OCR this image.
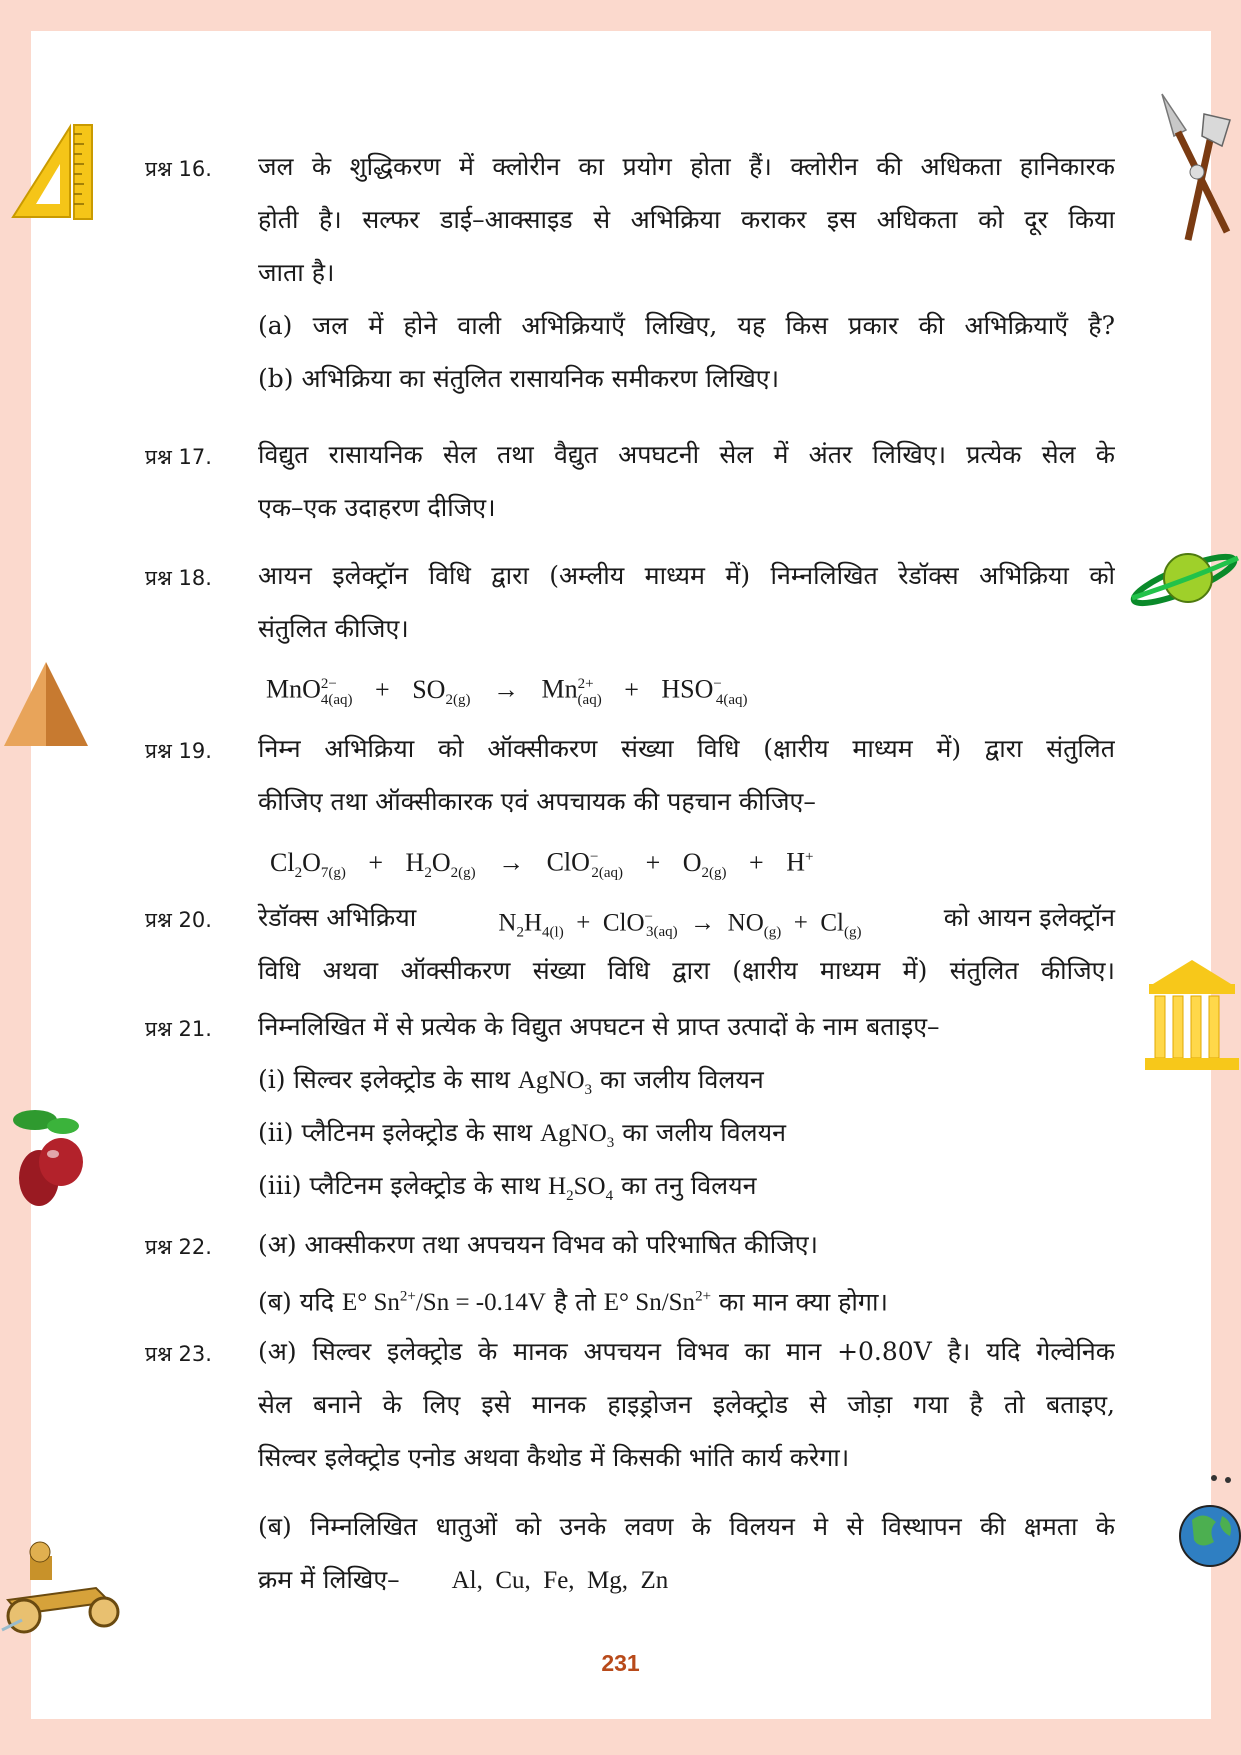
प्रश्न 16.	जल के शुद्धिकरण में क्लोरीन का प्रयोग होता हैं। क्लोरीन की अधिकता हानिकारक
होती है। सल्फर डाई–आक्साइड से अभिक्रिया कराकर इस अधिकता को दूर किया
जाता है।
(a) जल में होने वाली अभिक्रियाएँ लिखिए, यह किस प्रकार की अभिक्रियाएँ है?
(b) अभिक्रिया का संतुलित रासायनिक समीकरण लिखिए।
प्रश्न 17.	विद्युत रासायनिक सेल तथा वैद्युत अपघटनी सेल में अंतर लिखिए। प्रत्येक सेल के
एक–एक उदाहरण दीजिए।
प्रश्न 18.	आयन इलेक्ट्रॉन विधि द्वारा (अम्लीय माध्यम में) निम्नलिखित रेडॉक्स अभिक्रिया को
संतुलित कीजिए।
$MnO^{2-}_{4(aq)} + SO_{2(g)} \to Mn^{2+}_{(aq)} + HSO^-_{4(aq)}$
प्रश्न 19.	निम्न अभिक्रिया को ऑक्सीकरण संख्या विधि (क्षारीय माध्यम में) द्वारा संतुलित
कीजिए तथा ऑक्सीकारक एवं अपचायक की पहचान कीजिए–
$Cl_2O_{7(g)} + H_2O_{2(g)} \to ClO^-_{2(aq)} + O_{2(g)} + H^+$
प्रश्न 20.	रेडॉक्स अभिक्रिया	$N_2H_{4(l)} + ClO^-_{3(aq)} \to NO_{(g)} + Cl_{(g)}$
को आयन इलेक्ट्रॉन
विधि अथवा ऑक्सीकरण संख्या विधि द्वारा (क्षारीय माध्यम में) संतुलित कीजिए।
प्रश्न 21.	निम्नलिखित में से प्रत्येक के विद्युत अपघटन से प्राप्त उत्पादों के नाम बताइए–
(i) सिल्वर इलेक्ट्रोड के साथ AgNO$_3$ का जलीय विलयन
(ii) प्लैटिनम इलेक्ट्रोड के साथ AgNO$_3$ का जलीय विलयन
(iii) प्लैटिनम इलेक्ट्रोड के साथ $H_2SO_4$ का तनु विलयन
प्रश्न 22.	(अ) आक्सीकरण तथा अपचयन विभव को परिभाषित कीजिए।
(ब) यदि E° $Sn^{2+}/Sn = -0.14V$ है तो E° $Sn/Sn^{2+}$ का मान क्या होगा।
प्रश्न 23.	(अ) सिल्वर इलेक्ट्रोड के मानक अपचयन विभव का मान +0.80V है। यदि गेल्वेनिक
सेल बनाने के लिए इसे मानक हाइड्रोजन इलेक्ट्रोड से जोड़ा गया है तो बताइए,
सिल्वर इलेक्ट्रोड एनोड अथवा कैथोड में किसकी भांति कार्य करेगा।
(ब) निम्नलिखित धातुओं को उनके लवण के विलयन मे से विस्थापन की क्षमता के
क्रम में लिखिए– Al,  Cu,  Fe,  Mg,  Zn
231
